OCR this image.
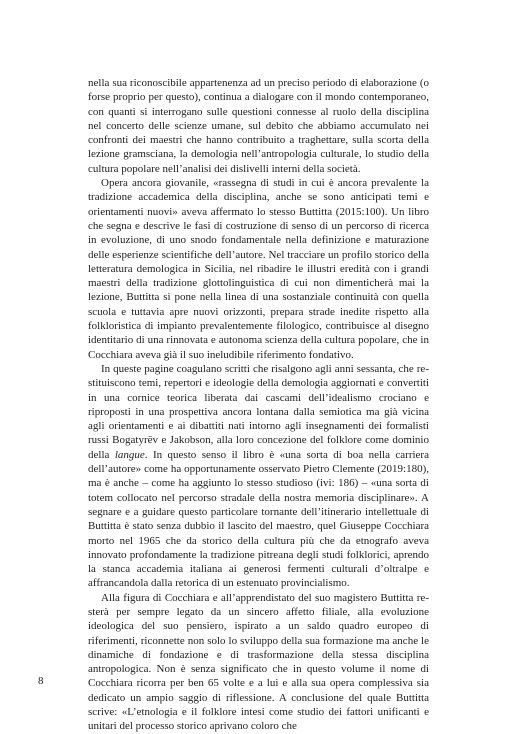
nella sua riconoscibile appartenenza ad un preciso periodo di elaborazione (o forse proprio per questo), continua a dialogare con il mondo contemporaneo, con quanti si interrogano sulle questioni connesse al ruolo della disciplina nel concerto delle scienze umane, sul debito che abbiamo accumulato nei confronti dei maestri che hanno contribuito a traghettare, sulla scorta della lezione gramsciana, la demologia nell’antropologia culturale, lo studio della cultura popolare nell’analisi dei dislivelli interni della società.

Opera ancora giovanile, «rassegna di studi in cui è ancora prevalente la tradizione accademica della disciplina, anche se sono anticipati temi e orientamenti nuovi» aveva affermato lo stesso Buttitta (2015:100). Un libro che segna e descrive le fasi di costruzione di senso di un percorso di ricerca in evoluzione, di uno snodo fondamentale nella definizione e maturazione delle esperienze scientifiche dell’autore. Nel tracciare un profilo storico della letteratura demologica in Sicilia, nel ribadire le illustri eredità con i grandi maestri della tradizione glottolinguistica di cui non dimenticherà mai la lezione, Buttitta si pone nella linea di una sostanziale continuità con quella scuola e tuttavia apre nuovi orizzonti, prepara strade inedite rispetto alla folkloristica di impianto prevalentemente filologico, contribuisce al disegno identitario di una rinnovata e autonoma scienza della cultura popolare, che in Cocchiara aveva già il suo ineludibile riferimento fondativo.

In queste pagine coagulano scritti che risalgono agli anni sessanta, che restituiscono temi, repertori e ideologie della demologia aggiornati e convertiti in una cornice teorica liberata dai cascami dell’idealismo crociano e riproposti in una prospettiva ancora lontana dalla semiotica ma già vicina agli orientamenti e ai dibattiti nati intorno agli insegnamenti dei formalisti russi Bogatyrëv e Jakobson, alla loro concezione del folklore come dominio della langue. In questo senso il libro è «una sorta di boa nella carriera dell’autore» come ha opportunamente osservato Pietro Clemente (2019:180), ma è anche – come ha aggiunto lo stesso studioso (ivi: 186) – «una sorta di totem collocato nel percorso stradale della nostra memoria disciplinare». A segnare e a guidare questo particolare tornante dell’itinerario intellettuale di Buttitta è stato senza dubbio il lascito del maestro, quel Giuseppe Cocchiara morto nel 1965 che da storico della cultura più che da etnografo aveva innovato profondamente la tradizione pitreana degli studi folklorici, aprendo la stanca accademia italiana ai generosi fermenti culturali d’oltralpe e affrancandola dalla retorica di un estenuato provincialismo.

Alla figura di Cocchiara e all’apprendistato del suo magistero Buttitta resterà per sempre legato da un sincero affetto filiale, alla evoluzione ideologica del suo pensiero, ispirato a un saldo quadro europeo di riferimenti, riconnette non solo lo sviluppo della sua formazione ma anche le dinamiche di fondazione e di trasformazione della stessa disciplina antropologica. Non è senza significato che in questo volume il nome di Cocchiara ricorra per ben 65 volte e a lui e alla sua opera complessiva sia dedicato un ampio saggio di riflessione. A conclusione del quale Buttitta scrive: «L’etnologia e il folklore intesi come studio dei fattori unificanti e unitari del processo storico aprivano coloro che

8
